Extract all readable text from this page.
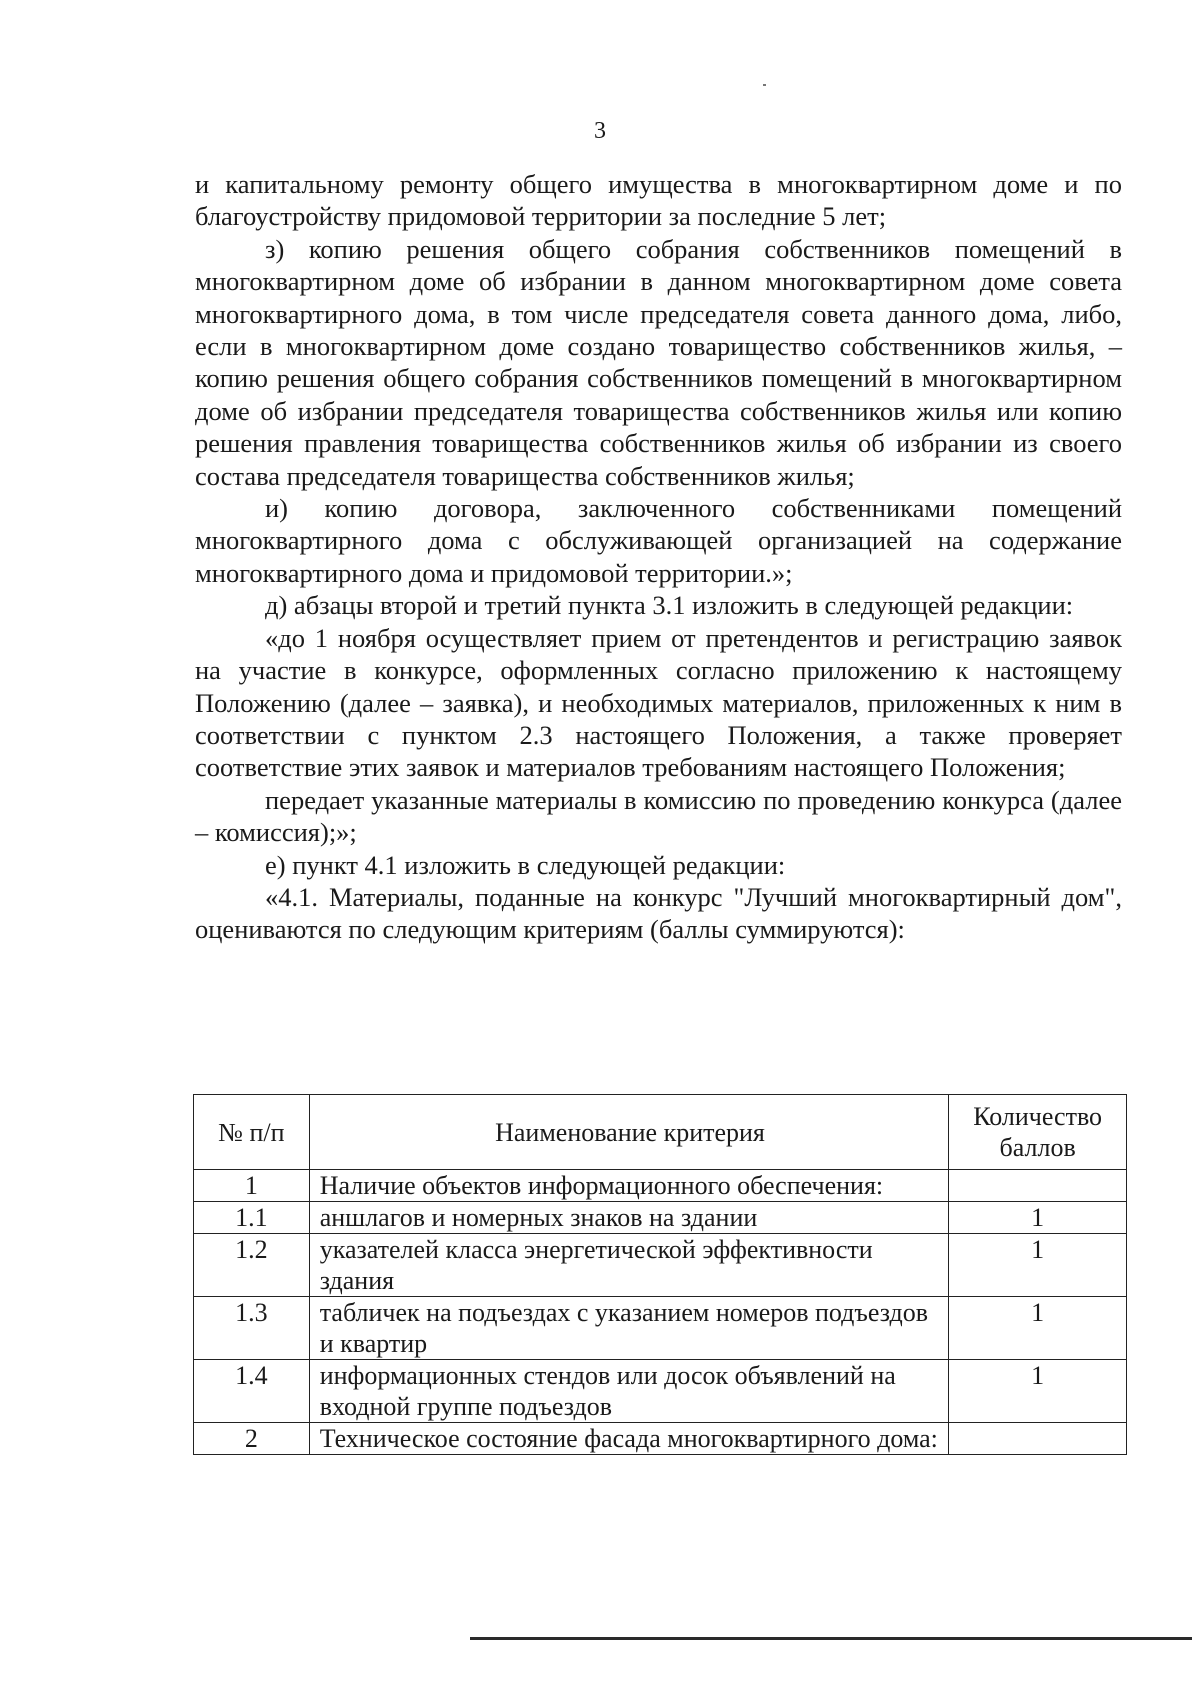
3

и капитальному ремонту общего имущества в многоквартирном доме и по благоустройству придомовой территории за последние 5 лет;

з) копию решения общего собрания собственников помещений в многоквартирном доме об избрании в данном многоквартирном доме совета многоквартирного дома, в том числе председателя совета данного дома, либо, если в многоквартирном доме создано товарищество собственников жилья, – копию решения общего собрания собственников помещений в многоквартирном доме об избрании председателя товарищества собственников жилья или копию решения правления товарищества собственников жилья об избрании из своего состава председателя товарищества собственников жилья;

и) копию договора, заключенного собственниками помещений многоквартирного дома с обслуживающей организацией на содержание многоквартирного дома и придомовой территории.»;

д) абзацы второй и третий пункта 3.1 изложить в следующей редакции:

«до 1 ноября осуществляет прием от претендентов и регистрацию заявок на участие в конкурсе, оформленных согласно приложению к настоящему Положению (далее – заявка), и необходимых материалов, приложенных к ним в соответствии с пунктом 2.3 настоящего Положения, а также проверяет соответствие этих заявок и материалов требованиям настоящего Положения;

передает указанные материалы в комиссию по проведению конкурса (далее – комиссия);»;

е) пункт 4.1 изложить в следующей редакции:

«4.1. Материалы, поданные на конкурс "Лучший многоквартирный дом", оцениваются по следующим критериям (баллы суммируются):

№ п/п	Наименование критерия	Количество баллов
1	Наличие объектов информационного обеспечения:	
1.1	аншлагов и номерных знаков на здании	1
1.2	указателей класса энергетической эффективности здания	1
1.3	табличек на подъездах с указанием номеров подъездов и квартир	1
1.4	информационных стендов или досок объявлений на входной группе подъездов	1
2	Техническое состояние фасада многоквартирного дома:	
